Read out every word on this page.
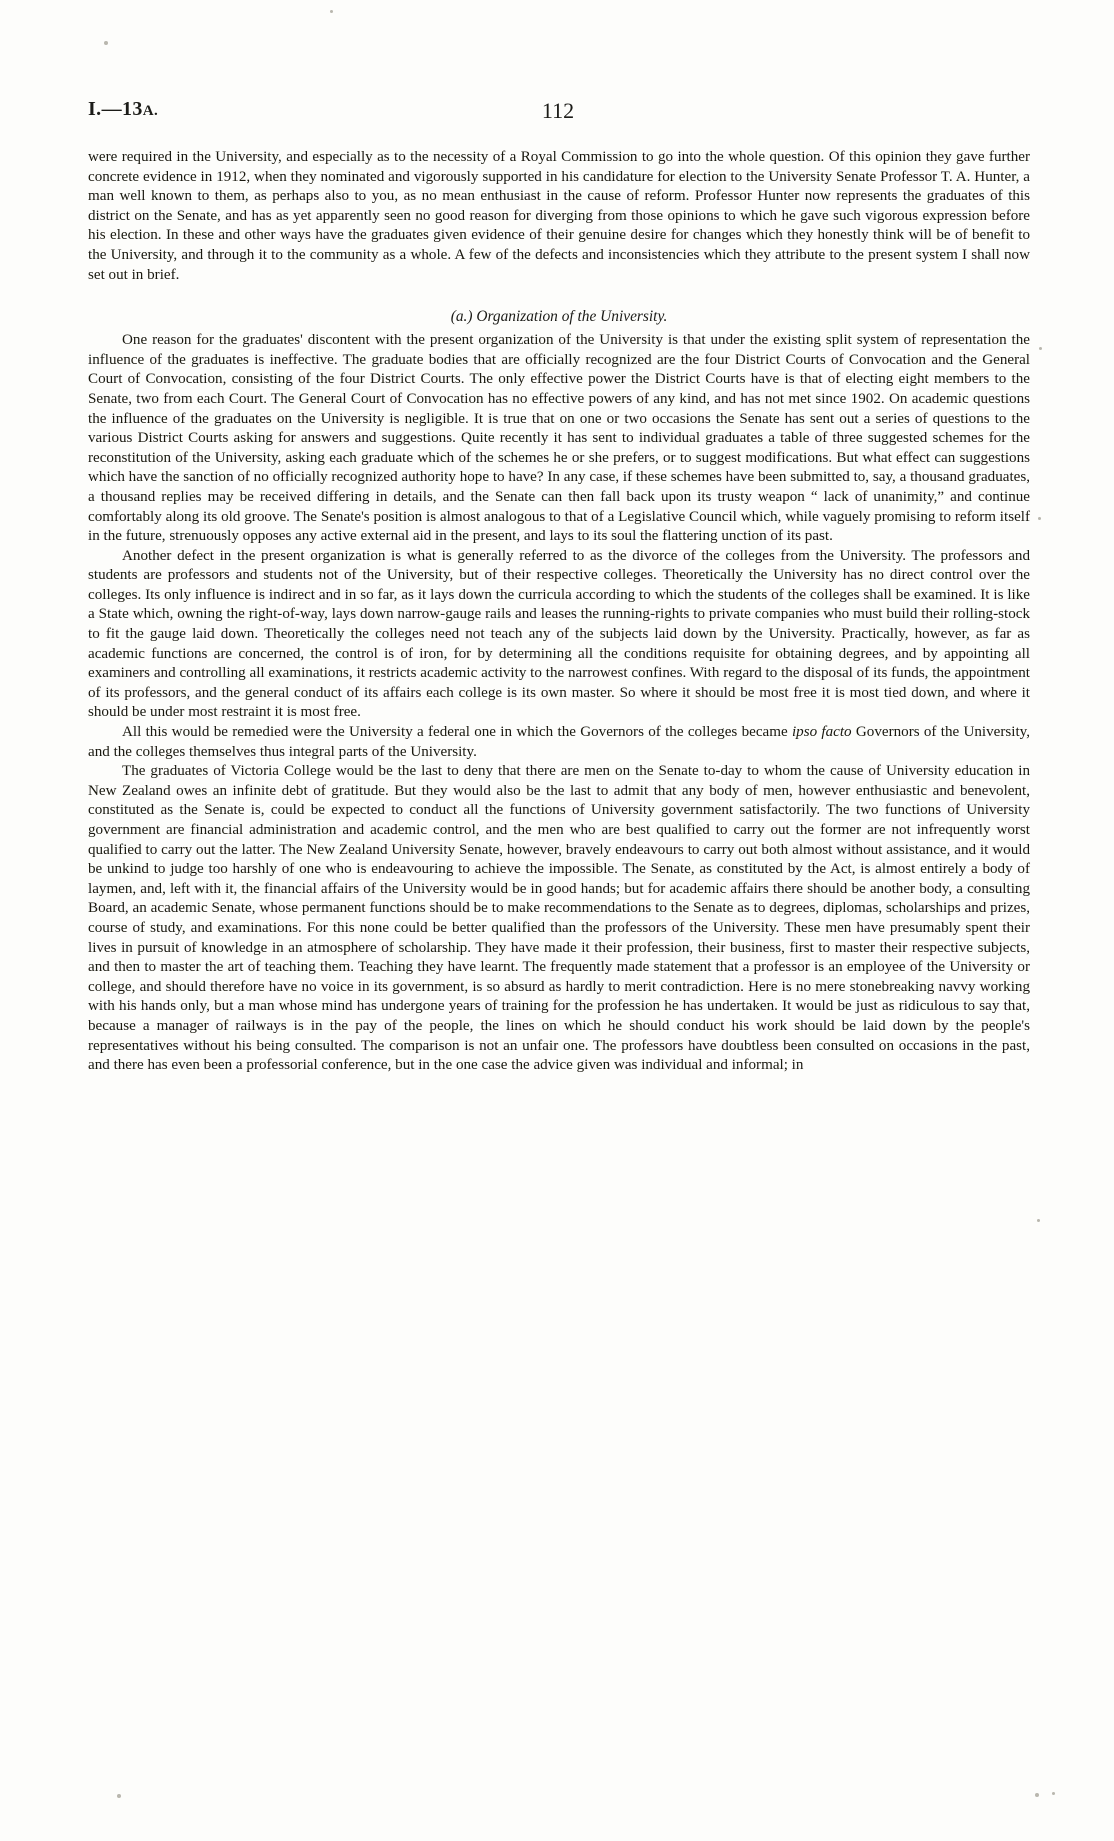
112
I.—13A.

were required in the University, and especially as to the necessity of a Royal Commission to go into the whole question. Of this opinion they gave further concrete evidence in 1912, when they nominated and vigorously supported in his candidature for election to the University Senate Professor T. A. Hunter, a man well known to them, as perhaps also to you, as no mean enthusiast in the cause of reform. Professor Hunter now represents the graduates of this district on the Senate, and has as yet apparently seen no good reason for diverging from those opinions to which he gave such vigorous expression before his election. In these and other ways have the graduates given evidence of their genuine desire for changes which they honestly think will be of benefit to the University, and through it to the community as a whole. A few of the defects and inconsistencies which they attribute to the present system I shall now set out in brief.

(a.) Organization of the University.

One reason for the graduates' discontent with the present organization of the University is that under the existing split system of representation the influence of the graduates is ineffective. The graduate bodies that are officially recognized are the four District Courts of Convocation and the General Court of Convocation, consisting of the four District Courts. The only effective power the District Courts have is that of electing eight members to the Senate, two from each Court. The General Court of Convocation has no effective powers of any kind, and has not met since 1902. On academic questions the influence of the graduates on the University is negligible. It is true that on one or two occasions the Senate has sent out a series of questions to the various District Courts asking for answers and suggestions. Quite recently it has sent to individual graduates a table of three suggested schemes for the reconstitution of the University, asking each graduate which of the schemes he or she prefers, or to suggest modifications. But what effect can suggestions which have the sanction of no officially recognized authority hope to have? In any case, if these schemes have been submitted to, say, a thousand graduates, a thousand replies may be received differing in details, and the Senate can then fall back upon its trusty weapon “ lack of unanimity,” and continue comfortably along its old groove. The Senate's position is almost analogous to that of a Legislative Council which, while vaguely promising to reform itself in the future, strenuously opposes any active external aid in the present, and lays to its soul the flattering unction of its past.

Another defect in the present organization is what is generally referred to as the divorce of the colleges from the University. The professors and students are professors and students not of the University, but of their respective colleges. Theoretically the University has no direct control over the colleges. Its only influence is indirect and in so far, as it lays down the curricula according to which the students of the colleges shall be examined. It is like a State which, owning the right-of-way, lays down narrow-gauge rails and leases the running-rights to private companies who must build their rolling-stock to fit the gauge laid down. Theoretically the colleges need not teach any of the subjects laid down by the University. Practically, however, as far as academic functions are concerned, the control is of iron, for by determining all the conditions requisite for obtaining degrees, and by appointing all examiners and controlling all examinations, it restricts academic activity to the narrowest confines. With regard to the disposal of its funds, the appointment of its professors, and the general conduct of its affairs each college is its own master. So where it should be most free it is most tied down, and where it should be under most restraint it is most free.

All this would be remedied were the University a federal one in which the Governors of the colleges became ipso facto Governors of the University, and the colleges themselves thus integral parts of the University.

The graduates of Victoria College would be the last to deny that there are men on the Senate to-day to whom the cause of University education in New Zealand owes an infinite debt of gratitude. But they would also be the last to admit that any body of men, however enthusiastic and benevolent, constituted as the Senate is, could be expected to conduct all the functions of University government satisfactorily. The two functions of University government are financial administration and academic control, and the men who are best qualified to carry out the former are not infrequently worst qualified to carry out the latter. The New Zealand University Senate, however, bravely endeavours to carry out both almost without assistance, and it would be unkind to judge too harshly of one who is endeavouring to achieve the impossible. The Senate, as constituted by the Act, is almost entirely a body of laymen, and, left with it, the financial affairs of the University would be in good hands; but for academic affairs there should be another body, a consulting Board, an academic Senate, whose permanent functions should be to make recommendations to the Senate as to degrees, diplomas, scholarships and prizes, course of study, and examinations. For this none could be better qualified than the professors of the University. These men have presumably spent their lives in pursuit of knowledge in an atmosphere of scholarship. They have made it their profession, their business, first to master their respective subjects, and then to master the art of teaching them. Teaching they have learnt. The frequently made statement that a professor is an employee of the University or college, and should therefore have no voice in its government, is so absurd as hardly to merit contradiction. Here is no mere stonebreaking navvy working with his hands only, but a man whose mind has undergone years of training for the profession he has undertaken. It would be just as ridiculous to say that, because a manager of railways is in the pay of the people, the lines on which he should conduct his work should be laid down by the people's representatives without his being consulted. The comparison is not an unfair one. The professors have doubtless been consulted on occasions in the past, and there has even been a professorial conference, but in the one case the advice given was individual and informal; in
